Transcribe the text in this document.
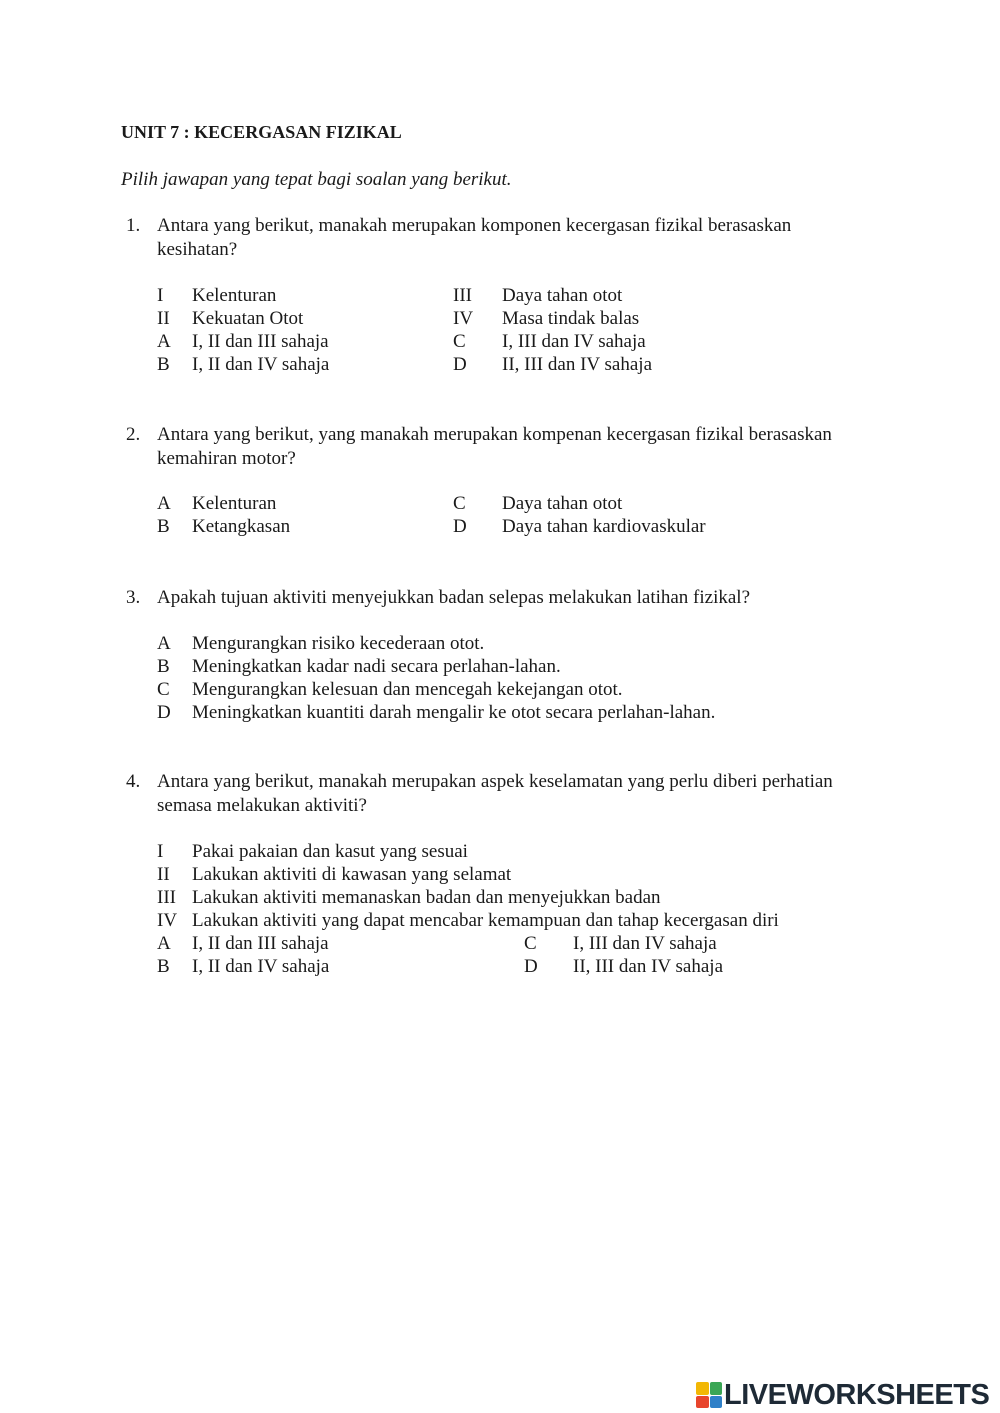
UNIT 7 : KECERGASAN FIZIKAL
Pilih jawapan yang tepat bagi soalan yang berikut.
1. Antara yang berikut, manakah merupakan komponen kecergasan fizikal berasaskan
kesihatan?
I Kelenturan	III Daya tahan otot
II Kekuatan Otot	IV Masa tindak balas
A I, II dan III sahaja	C I, III dan IV sahaja
B I, II dan IV sahaja	D II, III dan IV sahaja
2. Antara yang berikut, yang manakah merupakan kompenan kecergasan fizikal berasaskan
kemahiran motor?
A Kelenturan	C Daya tahan otot
B Ketangkasan	D Daya tahan kardiovaskular
3. Apakah tujuan aktiviti menyejukkan badan selepas melakukan latihan fizikal?
A Mengurangkan risiko kecederaan otot.
B Meningkatkan kadar nadi secara perlahan-lahan.
C Mengurangkan kelesuan dan mencegah kekejangan otot.
D Meningkatkan kuantiti darah mengalir ke otot secara perlahan-lahan.
4. Antara yang berikut, manakah merupakan aspek keselamatan yang perlu diberi perhatian
semasa melakukan aktiviti?
I Pakai pakaian dan kasut yang sesuai
II Lakukan aktiviti di kawasan yang selamat
III Lakukan aktiviti memanaskan badan dan menyejukkan badan
IV Lakukan aktiviti yang dapat mencabar kemampuan dan tahap kecergasan diri
A I, II dan III sahaja	C I, III dan IV sahaja
B I, II dan IV sahaja	D II, III dan IV sahaja
LIVEWORKSHEETS
